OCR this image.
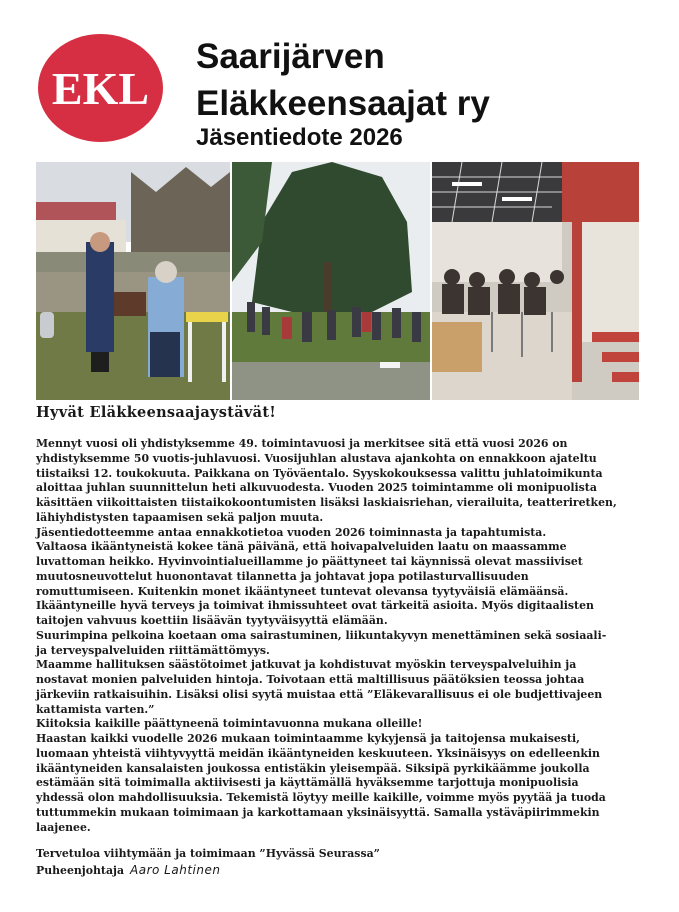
EKL
Saarijärven
Eläkkeensaajat ry
Jäsentiedote 2026
Hyvät Eläkkeensaajaystävät!

Mennyt vuosi oli yhdistyksemme 49. toimintavuosi ja merkitsee sitä että vuosi 2026 on

yhdistyksemme 50 vuotis-juhlavuosi. Vuosijuhlan alustava ajankohta on ennakkoon ajateltu

tiistaiksi 12. toukokuuta. Paikkana on Työväentalo. Syyskokouksessa valittu juhlatoimikunta

aloittaa juhlan suunnittelun heti alkuvuodesta. Vuoden 2025 toimintamme oli monipuolista

käsittäen viikoittaisten tiistaikokoontumisten lisäksi laskiaisriehan, vierailuita, teatteriretken,

lähiyhdistysten tapaamisen sekä paljon muuta.

Jäsentiedotteemme antaa ennakkotietoa vuoden 2026 toiminnasta ja tapahtumista.

Valtaosa ikääntyneistä kokee tänä päivänä, että hoivapalveluiden laatu on maassamme

luvattoman heikko. Hyvinvointialueillamme jo päättyneet tai käynnissä olevat massiiviset

muutosneuvottelut huonontavat tilannetta ja johtavat jopa potilasturvallisuuden

romuttumiseen. Kuitenkin monet ikääntyneet tuntevat olevansa tyytyväisiä elämäänsä.

Ikääntyneille hyvä terveys ja toimivat ihmissuhteet ovat tärkeitä asioita. Myös digitaalisten

taitojen vahvuus koettiin lisäävän tyytyväisyyttä elämään.

Suurimpina pelkoina koetaan oma sairastuminen, liikuntakyvyn menettäminen sekä sosiaali-

ja terveyspalveluiden riittämättömyys.

Maamme hallituksen säästötoimet jatkuvat ja kohdistuvat myöskin terveyspalveluihin ja

nostavat monien palveluiden hintoja. Toivotaan että maltillisuus päätöksien teossa johtaa

järkeviin ratkaisuihin. Lisäksi olisi syytä muistaa että ”Eläkevarallisuus ei ole budjettivajeen

kattamista varten.”

Kiitoksia kaikille päättyneenä toimintavuonna mukana olleille!

Haastan kaikki vuodelle 2026 mukaan toimintaamme kykyjensä ja taitojensa mukaisesti,

luomaan yhteistä viihtyvyyttä meidän ikääntyneiden keskuuteen. Yksinäisyys on edelleenkin

ikääntyneiden kansalaisten joukossa entistäkin yleisempää. Siksipä pyrkikäämme joukolla

estämään sitä toimimalla aktiivisesti ja käyttämällä hyväksemme tarjottuja monipuolisia

yhdessä olon mahdollisuuksia. Tekemistä löytyy meille kaikille, voimme myös pyytää ja tuoda

tuttummekin mukaan toimimaan ja karkottamaan yksinäisyyttä. Samalla ystäväpiirimmekin

laajenee.

Tervetuloa viihtymään ja toimimaan ”Hyvässä Seurassa”

Puheenjohtaja Aaro Lahtinen
